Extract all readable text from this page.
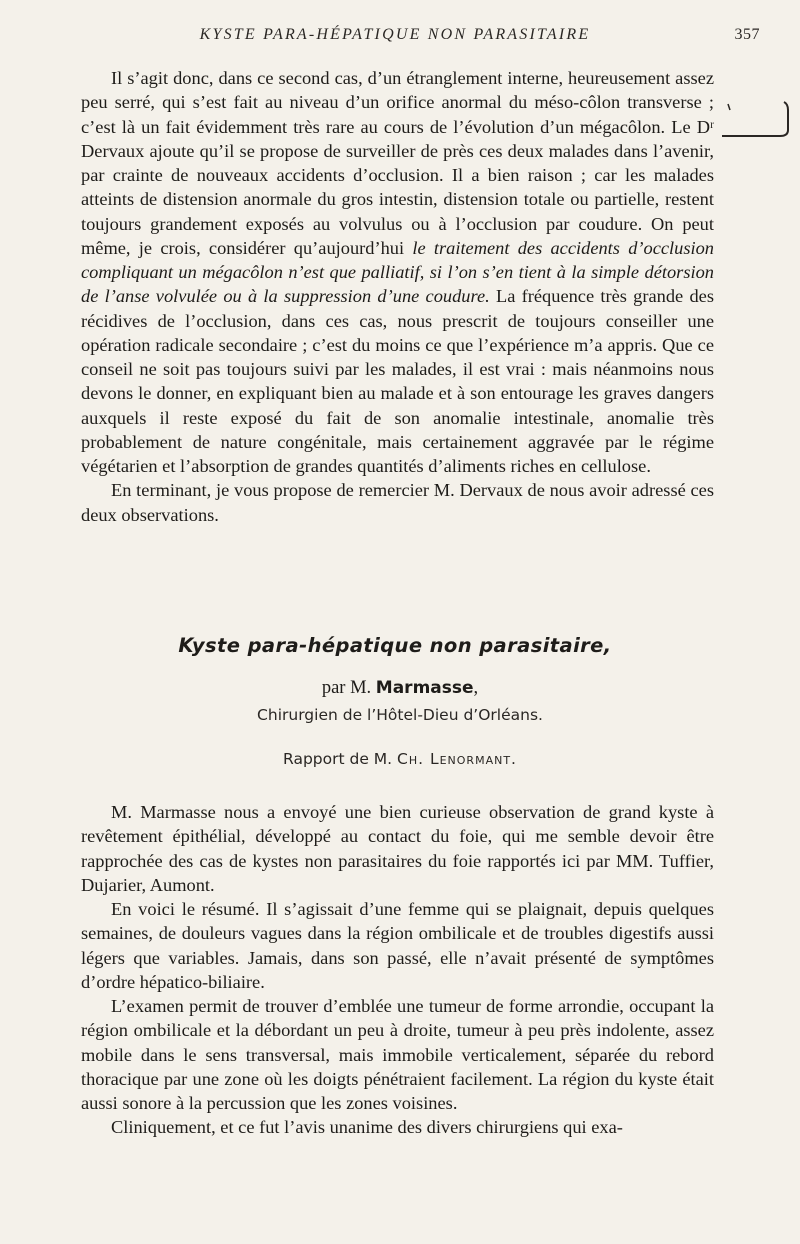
KYSTE PARA-HÉPATIQUE NON PARASITAIRE	357

Il s’agit donc, dans ce second cas, d’un étranglement interne, heureusement assez peu serré, qui s’est fait au niveau d’un orifice anormal du méso-côlon transverse ; c’est là un fait évidemment très rare au cours de l’évolution d’un mégacôlon. Le Dʳ Dervaux ajoute qu’il se propose de surveiller de près ces deux malades dans l’avenir, par crainte de nouveaux accidents d’occlusion. Il a bien raison ; car les malades atteints de distension anormale du gros intestin, distension totale ou partielle, restent toujours grandement exposés au volvulus ou à l’occlusion par coudure. On peut même, je crois, considérer qu’aujourd’hui le traitement des accidents d’occlusion compliquant un mégacôlon n’est que palliatif, si l’on s’en tient à la simple détorsion de l’anse volvulée ou à la suppression d’une coudure. La fréquence très grande des récidives de l’occlusion, dans ces cas, nous prescrit de toujours conseiller une opération radicale secondaire ; c’est du moins ce que l’expérience m’a appris. Que ce conseil ne soit pas toujours suivi par les malades, il est vrai : mais néanmoins nous devons le donner, en expliquant bien au malade et à son entourage les graves dangers auxquels il reste exposé du fait de son anomalie intestinale, anomalie très probablement de nature congénitale, mais certainement aggravée par le régime végétarien et l’absorption de grandes quantités d’aliments riches en cellulose.

En terminant, je vous propose de remercier M. Dervaux de nous avoir adressé ces deux observations.

Kyste para-hépatique non parasitaire,
par M. Marmasse,
Chirurgien de l’Hôtel-Dieu d’Orléans.
Rapport de M. Ch. Lenormant.

M. Marmasse nous a envoyé une bien curieuse observation de grand kyste à revêtement épithélial, développé au contact du foie, qui me semble devoir être rapprochée des cas de kystes non parasitaires du foie rapportés ici par MM. Tuffier, Dujarier, Aumont.

En voici le résumé. Il s’agissait d’une femme qui se plaignait, depuis quelques semaines, de douleurs vagues dans la région ombilicale et de troubles digestifs aussi légers que variables. Jamais, dans son passé, elle n’avait présenté de symptômes d’ordre hépatico-biliaire.

L’examen permit de trouver d’emblée une tumeur de forme arrondie, occupant la région ombilicale et la débordant un peu à droite, tumeur à peu près indolente, assez mobile dans le sens transversal, mais immobile verticalement, séparée du rebord thoracique par une zone où les doigts pénétraient facilement. La région du kyste était aussi sonore à la percussion que les zones voisines.

Cliniquement, et ce fut l’avis unanime des divers chirurgiens qui exa-
